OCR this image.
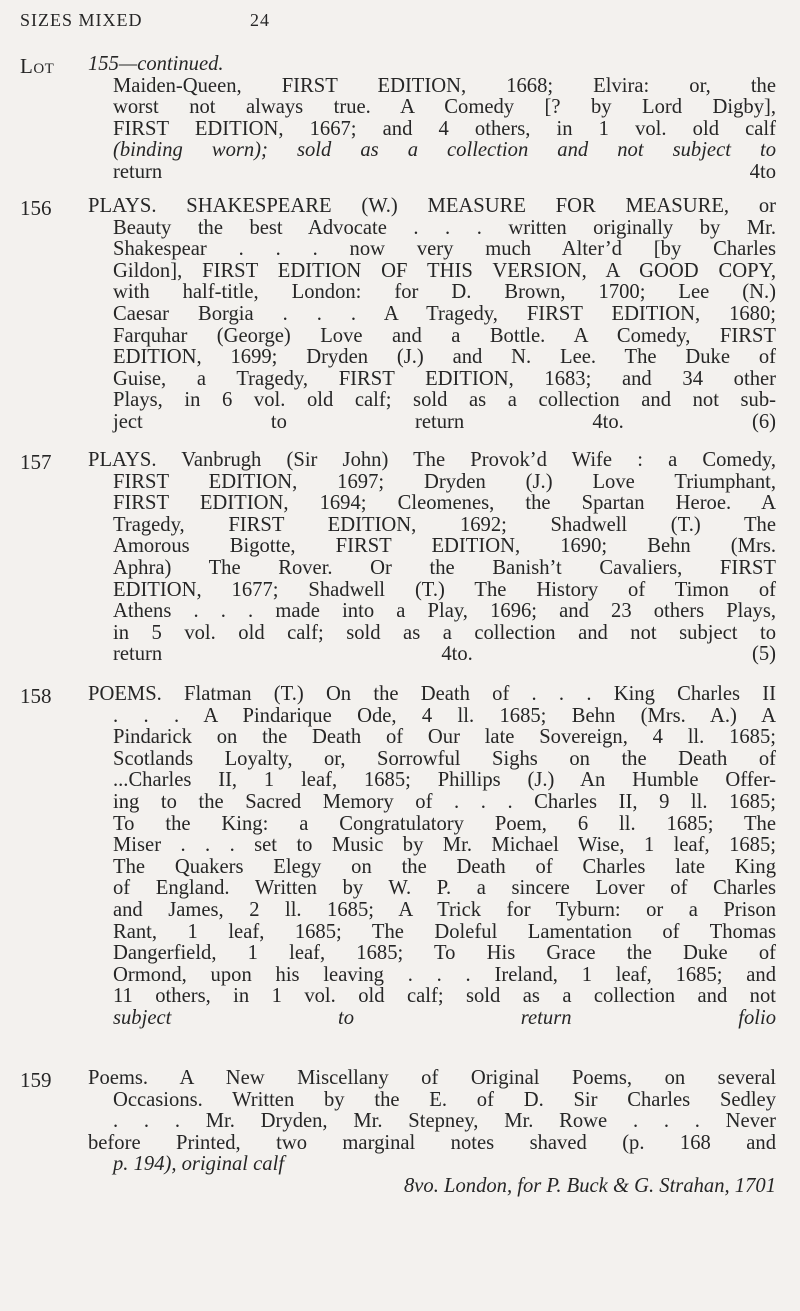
SIZES MIXED	24
Lot 155—continued.
Maiden-Queen, FIRST EDITION, 1668; Elvira: or, the
worst not always true. A Comedy [? by Lord Digby],
FIRST EDITION, 1667; and 4 others, in 1 vol. old calf
(binding worn); sold as a collection and not subject to
return 4to
156 PLAYS. SHAKESPEARE (W.) MEASURE FOR MEASURE, or
Beauty the best Advocate . . . written originally by Mr.
Shakespear . . . now very much Alter’d [by Charles
Gildon], FIRST EDITION OF THIS VERSION, A GOOD COPY,
with half-title, London: for D. Brown, 1700; Lee (N.)
Caesar Borgia . . . A Tragedy, FIRST EDITION, 1680;
Farquhar (George) Love and a Bottle. A Comedy, FIRST
EDITION, 1699; Dryden (J.) and N. Lee. The Duke of
Guise, a Tragedy, FIRST EDITION, 1683; and 34 other
Plays, in 6 vol. old calf; sold as a collection and not sub-
ject to return 4to. (6)
157 PLAYS. Vanbrugh (Sir John) The Provok’d Wife : a Comedy,
FIRST EDITION, 1697; Dryden (J.) Love Triumphant,
FIRST EDITION, 1694; Cleomenes, the Spartan Heroe. A
Tragedy, FIRST EDITION, 1692; Shadwell (T.) The
Amorous Bigotte, FIRST EDITION, 1690; Behn (Mrs.
Aphra) The Rover. Or the Banish’t Cavaliers, FIRST
EDITION, 1677; Shadwell (T.) The History of Timon of
Athens . . . made into a Play, 1696; and 23 others Plays,
in 5 vol. old calf; sold as a collection and not subject to
return 4to. (5)
158 POEMS. Flatman (T.) On the Death of . . . King Charles II
. . . A Pindarique Ode, 4 ll. 1685; Behn (Mrs. A.) A
Pindarick on the Death of Our late Sovereign, 4 ll. 1685;
Scotlands Loyalty, or, Sorrowful Sighs on the Death of
...Charles II, 1 leaf, 1685; Phillips (J.) An Humble Offer-
ing to the Sacred Memory of . . . Charles II, 9 ll. 1685;
To the King: a Congratulatory Poem, 6 ll. 1685; The
Miser . . . set to Music by Mr. Michael Wise, 1 leaf, 1685;
The Quakers Elegy on the Death of Charles late King
of England. Written by W. P. a sincere Lover of Charles
and James, 2 ll. 1685; A Trick for Tyburn: or a Prison
Rant, 1 leaf, 1685; The Doleful Lamentation of Thomas
Dangerfield, 1 leaf, 1685; To His Grace the Duke of
Ormond, upon his leaving . . . Ireland, 1 leaf, 1685; and
11 others, in 1 vol. old calf; sold as a collection and not
subject to return folio
159 Poems. A New Miscellany of Original Poems, on several
Occasions. Written by the E. of D. Sir Charles Sedley
. . . Mr. Dryden, Mr. Stepney, Mr. Rowe . . . Never
before Printed, two marginal notes shaved (p. 168 and
p. 194), original calf
8vo. London, for P. Buck & G. Strahan, 1701
